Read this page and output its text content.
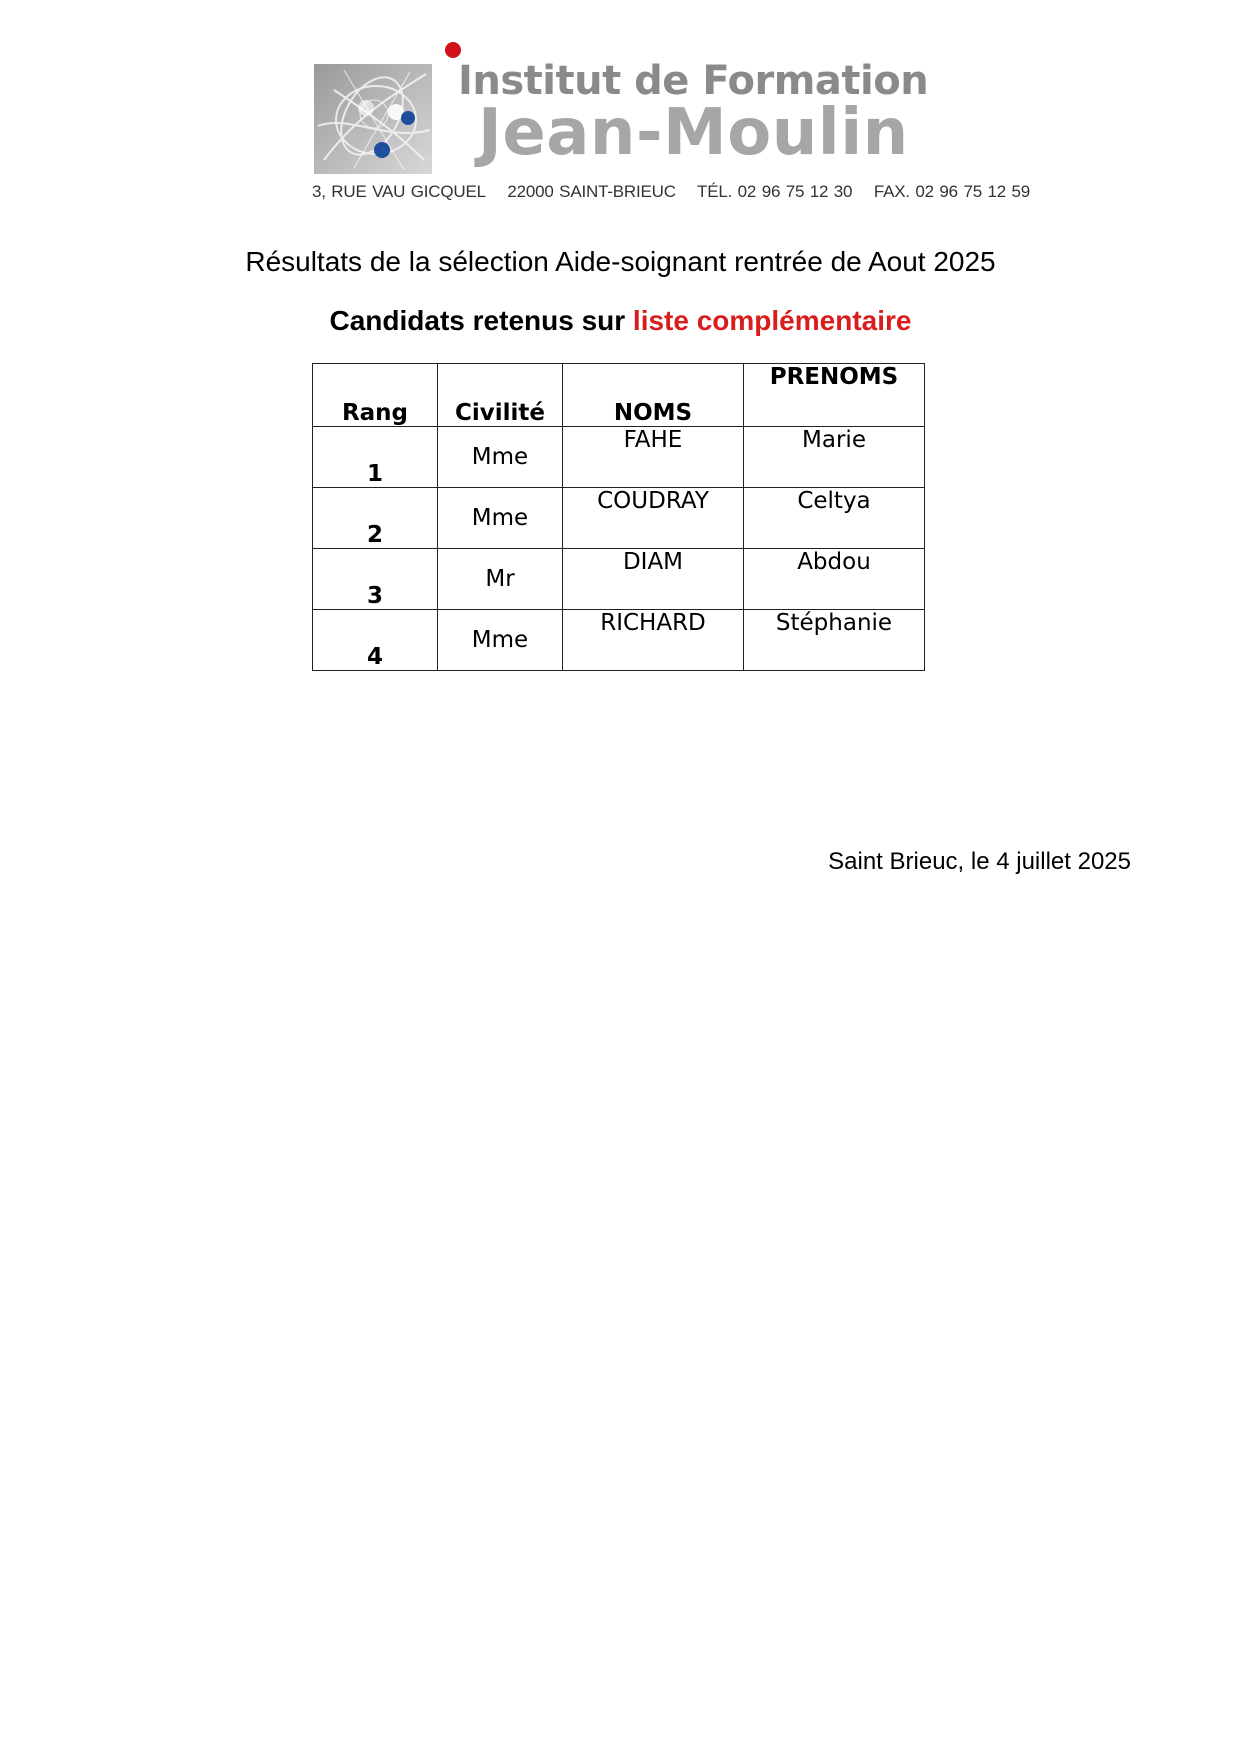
Institut de Formation
Jean-Moulin
3, RUE VAU GICQUEL 22000 SAINT-BRIEUC TÉL. 02 96 75 12 30 FAX. 02 96 75 12 59
Résultats de la sélection Aide-soignant rentrée de Aout 2025
Candidats retenus sur liste complémentaire
Rang	Civilité	NOMS	PRENOMS
1	Mme	FAHE	Marie
2	Mme	COUDRAY	Celtya
3	Mr	DIAM	Abdou
4	Mme	RICHARD	Stéphanie
Saint Brieuc, le 4 juillet 2025
